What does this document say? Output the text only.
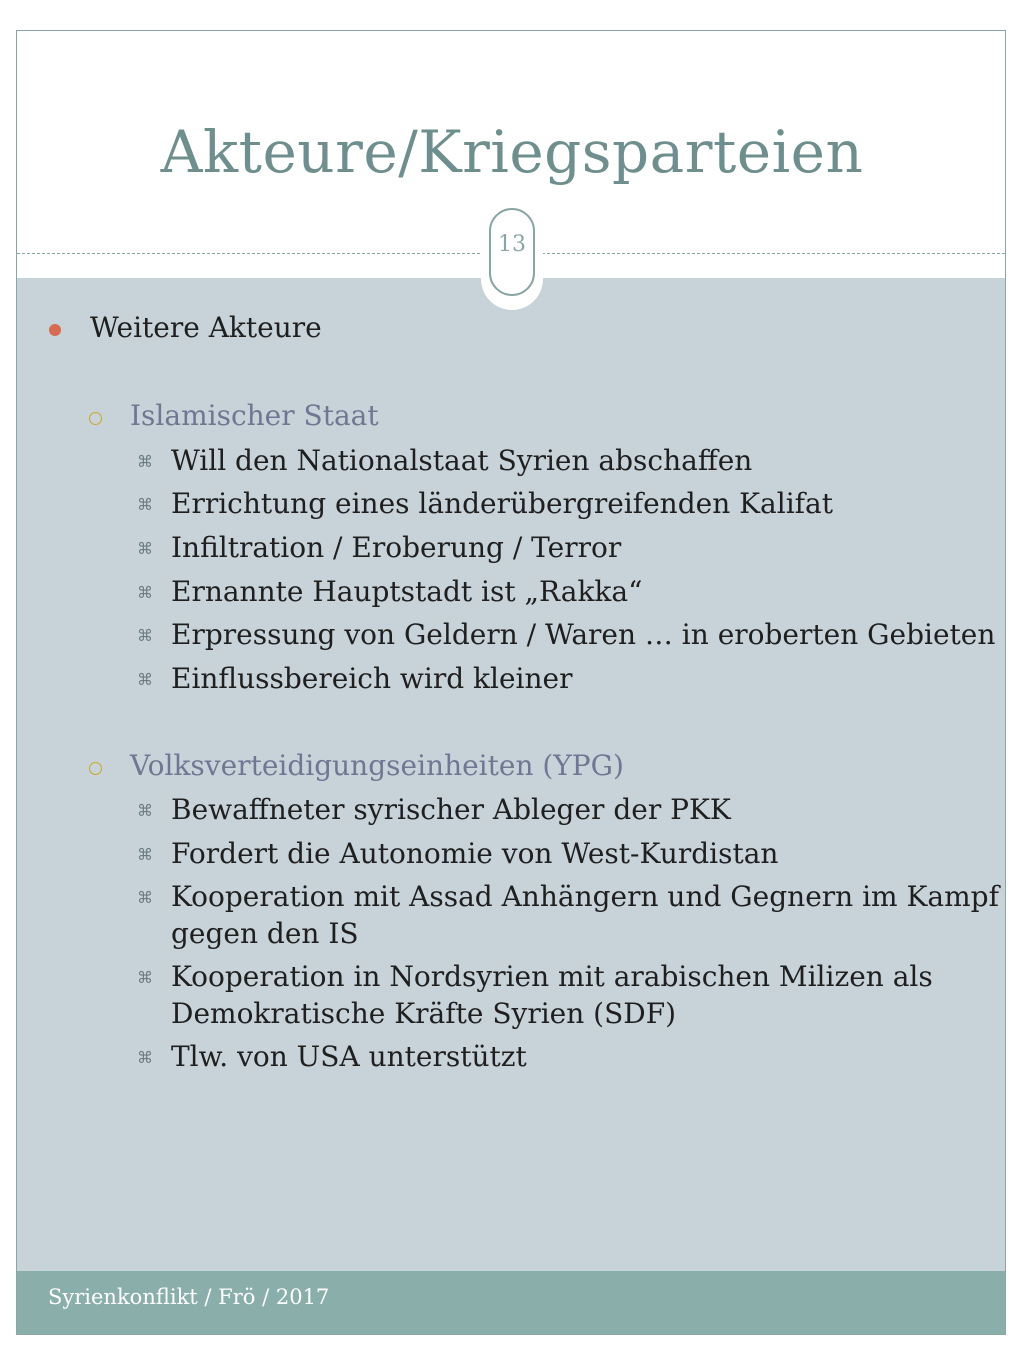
Akteure/Kriegsparteien
13
Weitere Akteure
Islamischer Staat
⌘ Will den Nationalstaat Syrien abschaffen
⌘ Errichtung eines länderübergreifenden Kalifat
⌘ Infiltration / Eroberung / Terror
⌘ Ernannte Hauptstadt ist „Rakka“
⌘ Erpressung von Geldern / Waren … in eroberten Gebieten
⌘ Einflussbereich wird kleiner
Volksverteidigungseinheiten (YPG)
⌘ Bewaffneter syrischer Ableger der PKK
⌘ Fordert die Autonomie von West-Kurdistan
⌘ Kooperation mit Assad Anhängern und Gegnern im Kampf
gegen den IS
⌘ Kooperation in Nordsyrien mit arabischen Milizen als
Demokratische Kräfte Syrien (SDF)
⌘ Tlw. von USA unterstützt
Syrienkonflikt / Frö / 2017
